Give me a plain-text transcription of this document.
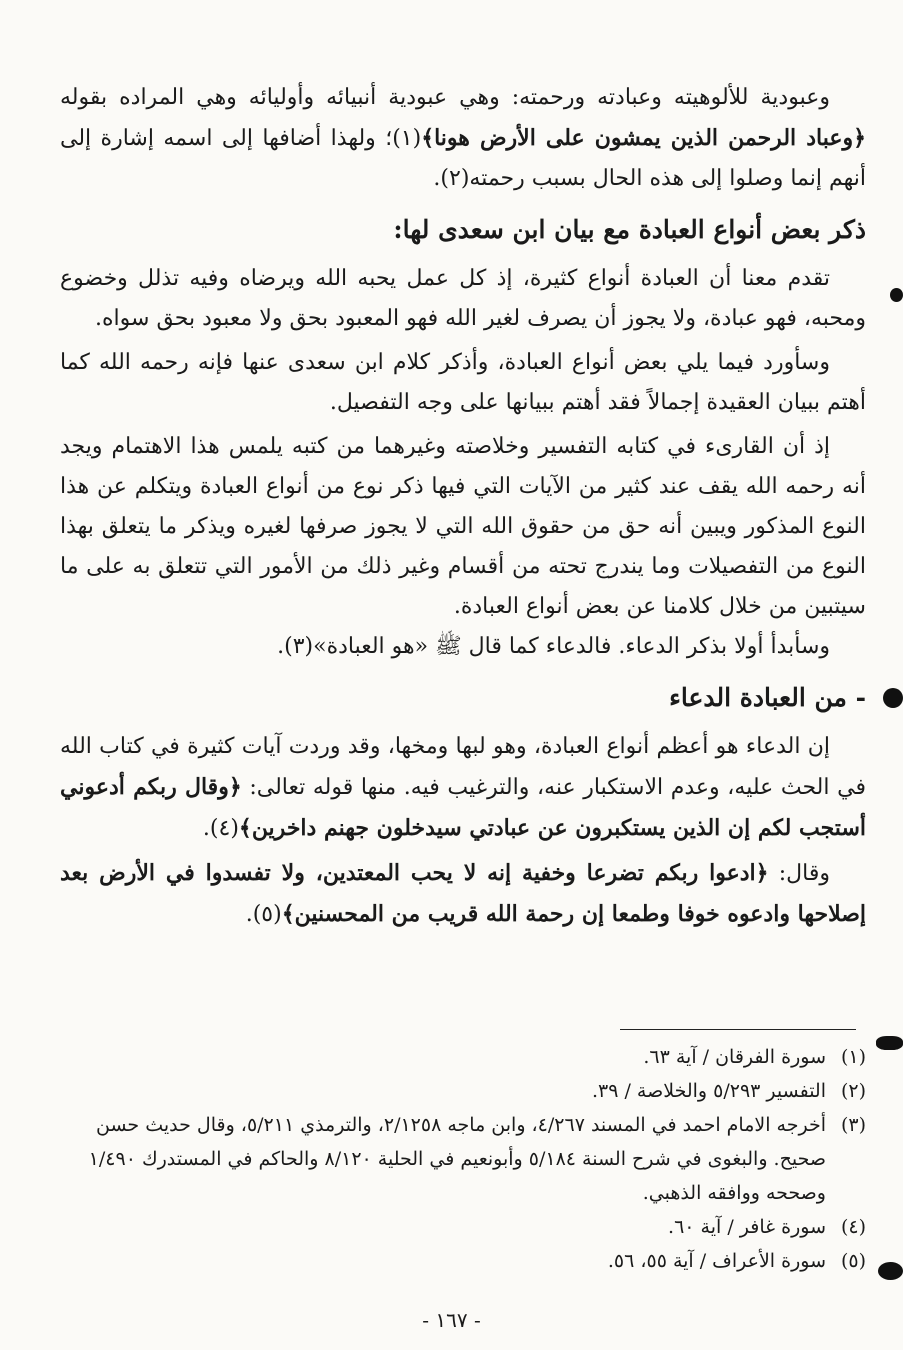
وعبودية للألوهيته وعبادته ورحمته: وهي عبودية أنبيائه وأوليائه وهي المراده بقوله ﴿وعباد الرحمن الذين يمشون على الأرض هونا﴾(١)؛ ولهذا أضافها إلى اسمه إشارة إلى أنهم إنما وصلوا إلى هذه الحال بسبب رحمته(٢).

ذكر بعض أنواع العبادة مع بيان ابن سعدى لها:

تقدم معنا أن العبادة أنواع كثيرة، إذ كل عمل يحبه الله ويرضاه وفيه تذلل وخضوع ومحبه، فهو عبادة، ولا يجوز أن يصرف لغير الله فهو المعبود بحق ولا معبود بحق سواه.

وسأورد فيما يلي بعض أنواع العبادة، وأذكر كلام ابن سعدى عنها فإنه رحمه الله كما أهتم ببيان العقيدة إجمالاً فقد أهتم ببيانها على وجه التفصيل.

إذ أن القارىء في كتابه التفسير وخلاصته وغيرهما من كتبه يلمس هذا الاهتمام ويجد أنه رحمه الله يقف عند كثير من الآيات التي فيها ذكر نوع من أنواع العبادة ويتكلم عن هذا النوع المذكور ويبين أنه حق من حقوق الله التي لا يجوز صرفها لغيره ويذكر ما يتعلق بهذا النوع من التفصيلات وما يندرج تحته من أقسام وغير ذلك من الأمور التي تتعلق به على ما سيتبين من خلال كلامنا عن بعض أنواع العبادة.

وسأبدأ أولا بذكر الدعاء. فالدعاء كما قال ﷺ «هو العبادة»(٣).

- من العبادة الدعاء

إن الدعاء هو أعظم أنواع العبادة، وهو لبها ومخها، وقد وردت آيات كثيرة في كتاب الله في الحث عليه، وعدم الاستكبار عنه، والترغيب فيه. منها قوله تعالى: ﴿وقال ربكم أدعوني أستجب لكم إن الذين يستكبرون عن عبادتي سيدخلون جهنم داخرين﴾(٤).

وقال: ﴿ادعوا ربكم تضرعا وخفية إنه لا يحب المعتدين، ولا تفسدوا في الأرض بعد إصلاحها وادعوه خوفا وطمعا إن رحمة الله قريب من المحسنين﴾(٥).

(١)
سورة الفرقان / آية ٦٣.
(٢)
التفسير ٥/٢٩٣ والخلاصة / ٣٩.
(٣)
أخرجه الامام احمد في المسند ٤/٢٦٧، وابن ماجه ٢/١٢٥٨، والترمذي ٥/٢١١، وقال حديث حسن صحيح. والبغوى في شرح السنة ٥/١٨٤ وأبونعيم في الحلية ٨/١٢٠ والحاكم في المستدرك ١/٤٩٠ وصححه ووافقه الذهبي.
(٤)
سورة غافر / آية ٦٠.
(٥)
سورة الأعراف / آية ٥٥، ٥٦.
- ١٦٧ -
